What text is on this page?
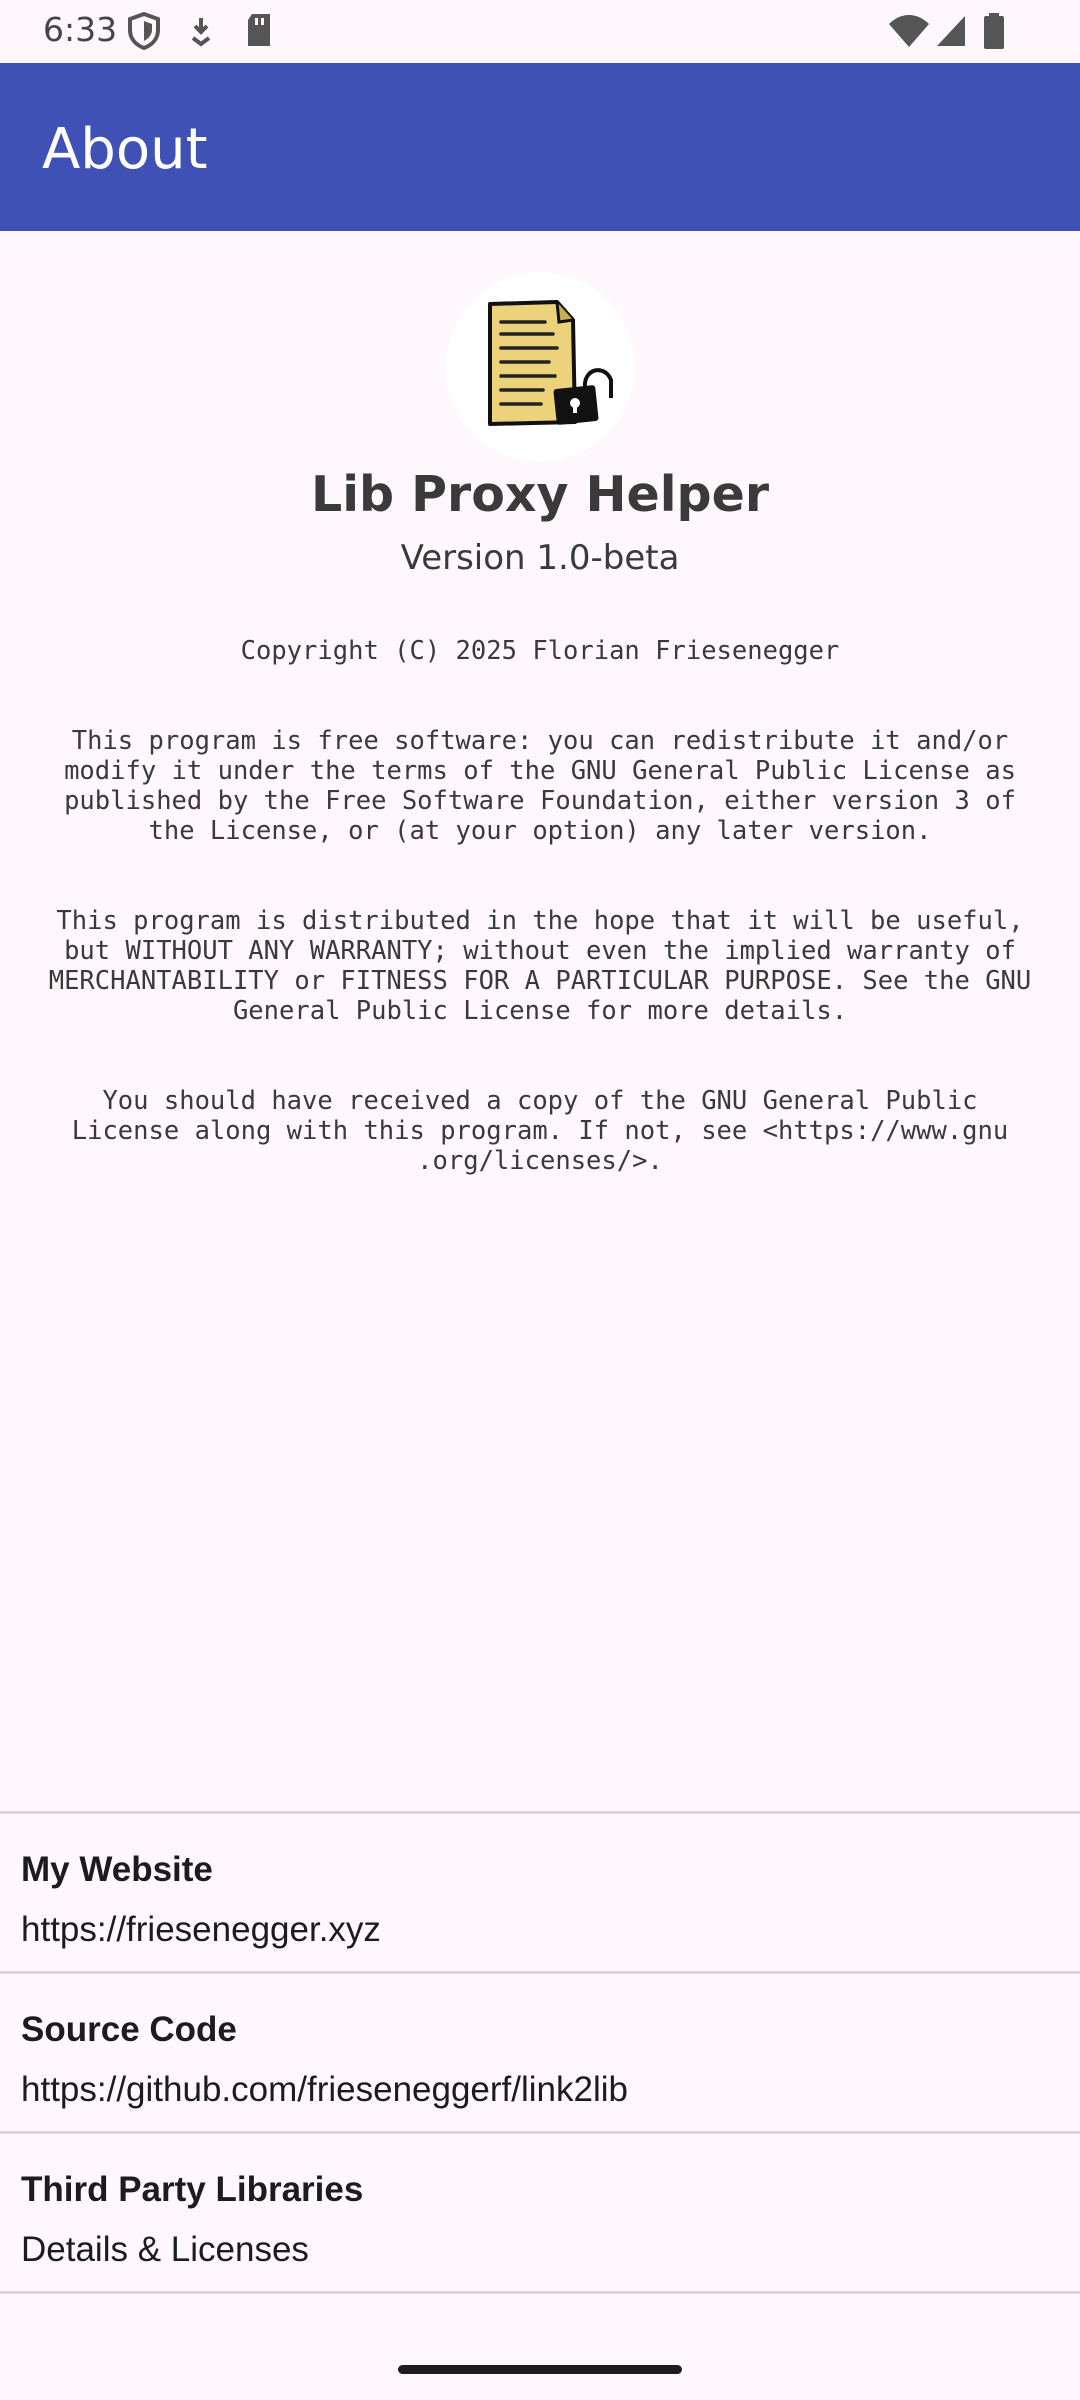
6:33
About
Lib Proxy Helper
Version 1.0-beta

Copyright (C) 2025 Florian Friesenegger

This program is free software: you can redistribute it and/or
modify it under the terms of the GNU General Public License as
published by the Free Software Foundation, either version 3 of
the License, or (at your option) any later version.

This program is distributed in the hope that it will be useful,
but WITHOUT ANY WARRANTY; without even the implied warranty of
MERCHANTABILITY or FITNESS FOR A PARTICULAR PURPOSE. See the GNU
General Public License for more details.

You should have received a copy of the GNU General Public
License along with this program. If not, see <https://www.gnu
.org/licenses/>.

My Website
https://friesenegger.xyz
Source Code
https://github.com/frieseneggerf/link2lib
Third Party Libraries
Details & Licenses
